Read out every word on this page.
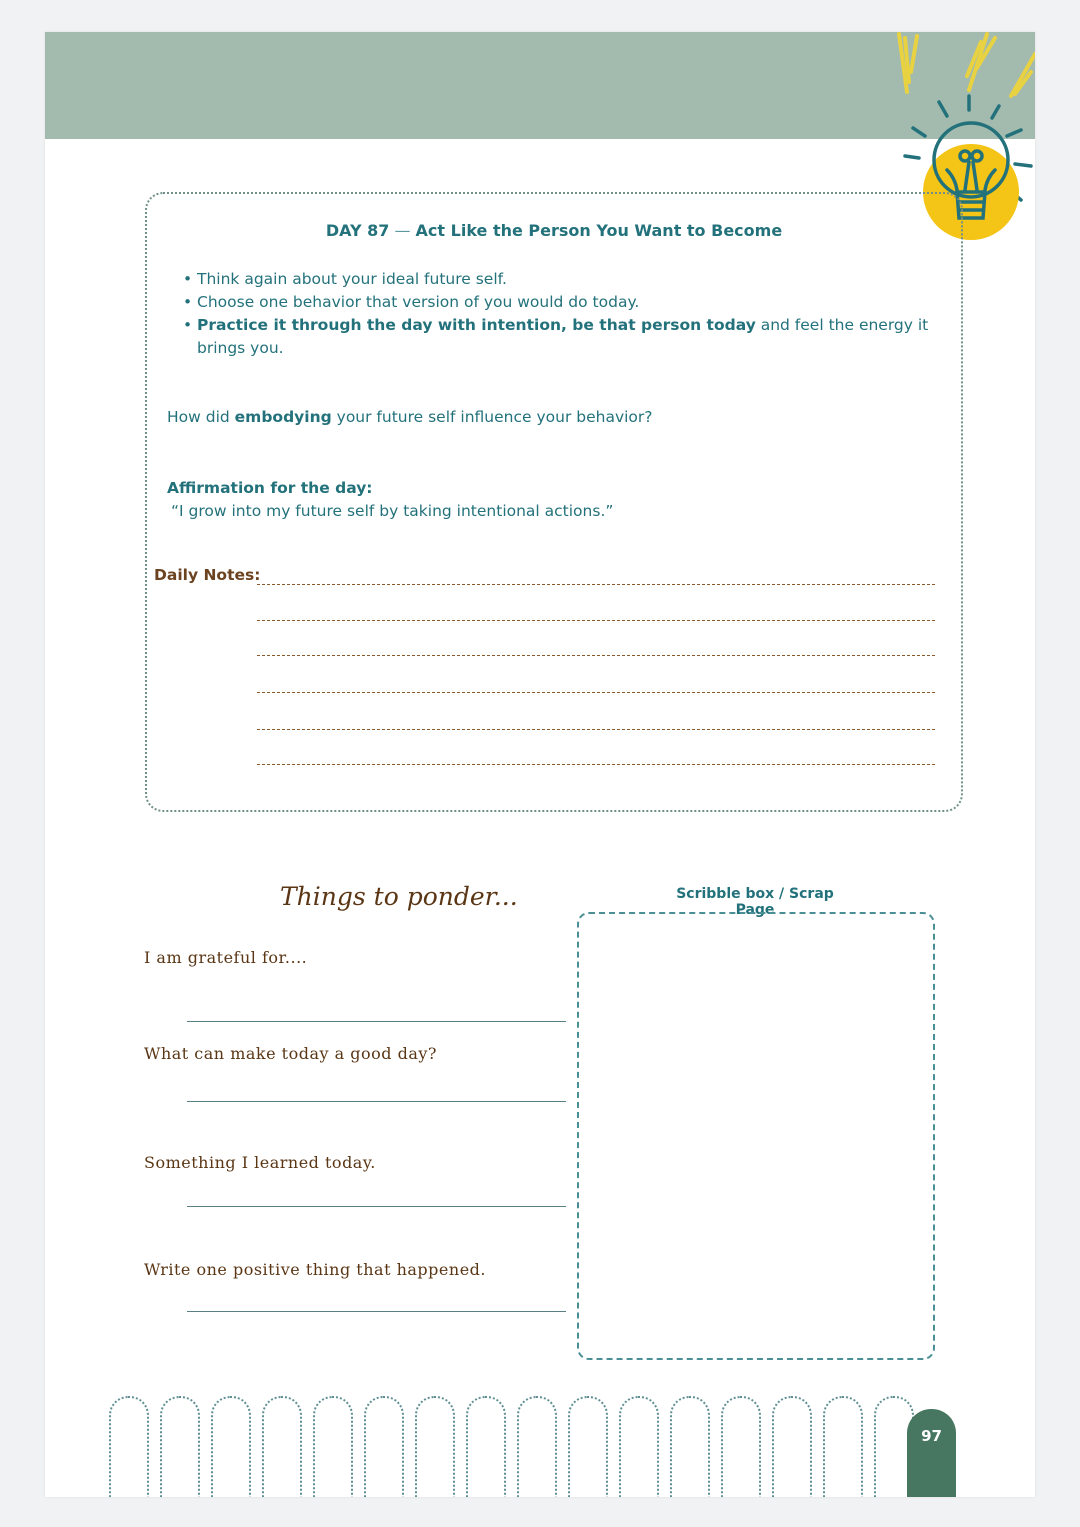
DAY 87 — Act Like the Person You Want to Become
• Think again about your ideal future self.
• Choose one behavior that version of you would do today.
• Practice it through the day with intention, be that person today and feel the energy it brings you.
How did embodying your future self influence your behavior?
Affirmation for the day:
“I grow into my future self by taking intentional actions.”
Daily Notes:
Things to ponder...
I am grateful for....
What can make today a good day?
Something I learned today.
Write one positive thing that happened.
Scribble box / Scrap Page
97
